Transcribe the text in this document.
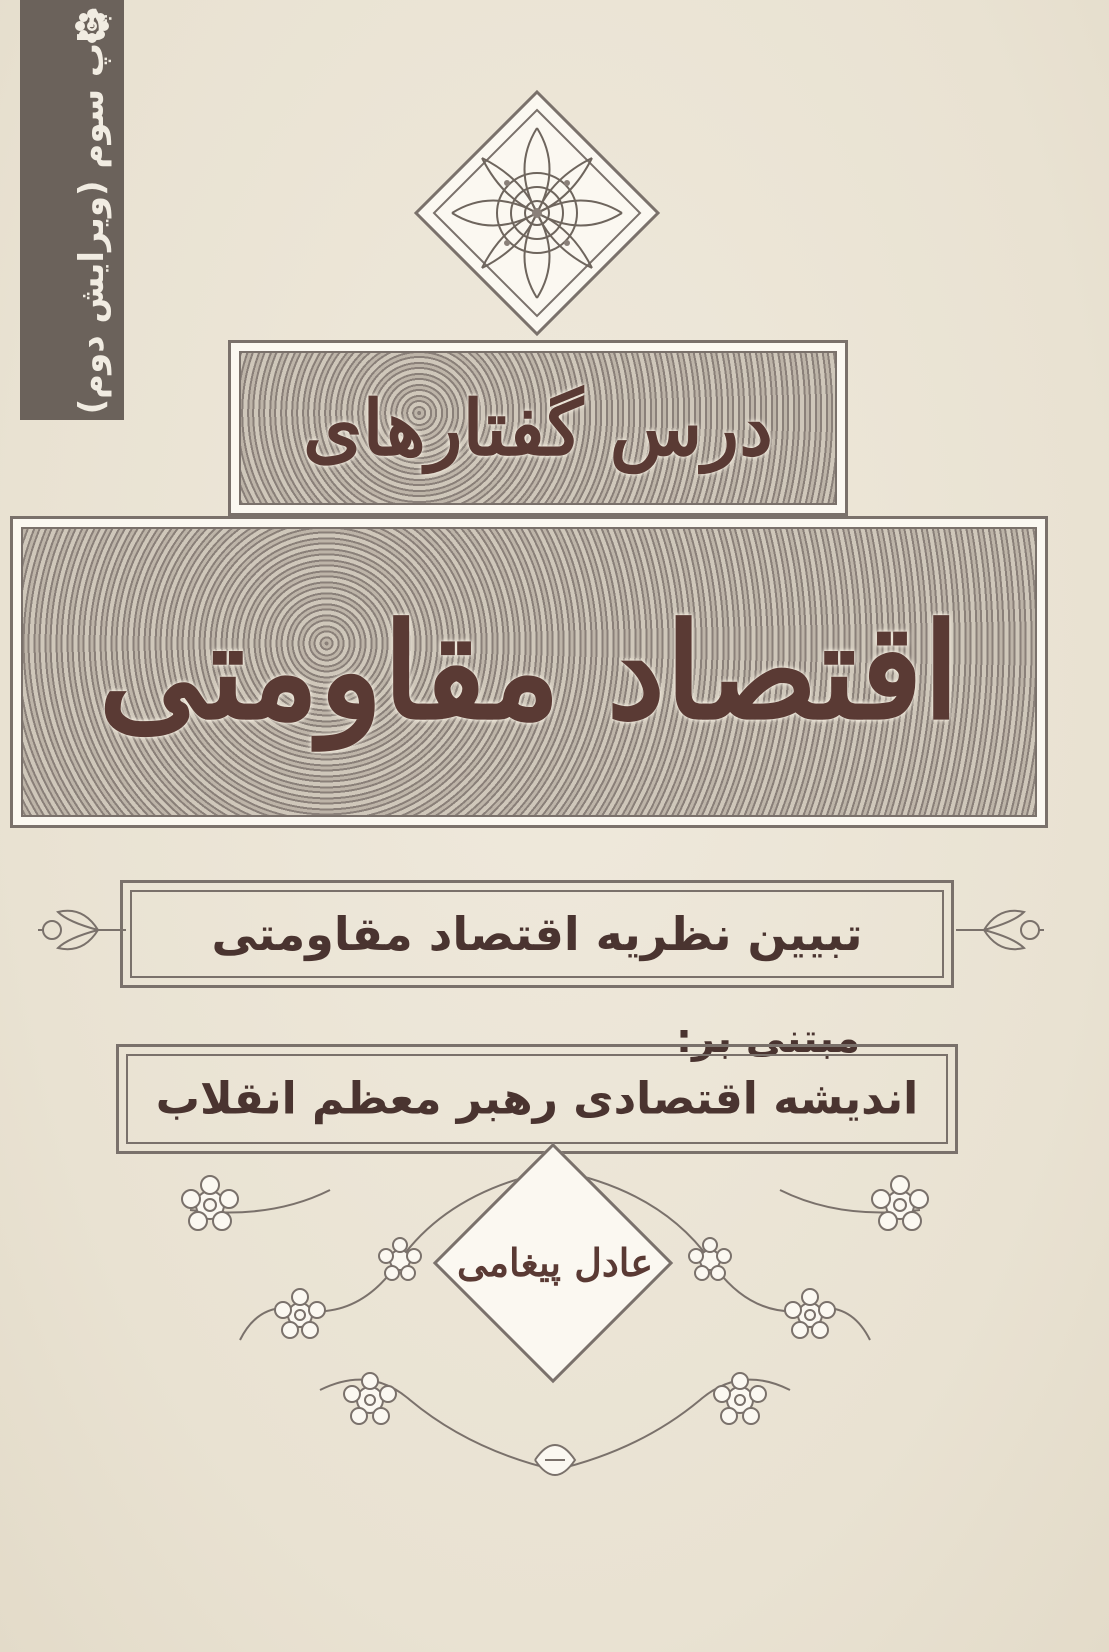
چاپ سوم (ویرایش دوم)
درس گفتارهای
اقتصاد مقاومتی
تبیین نظریه اقتصاد مقاومتی
مبتنی بر:
اندیشه اقتصادی رهبر معظم انقلاب
عادل پیغامی
